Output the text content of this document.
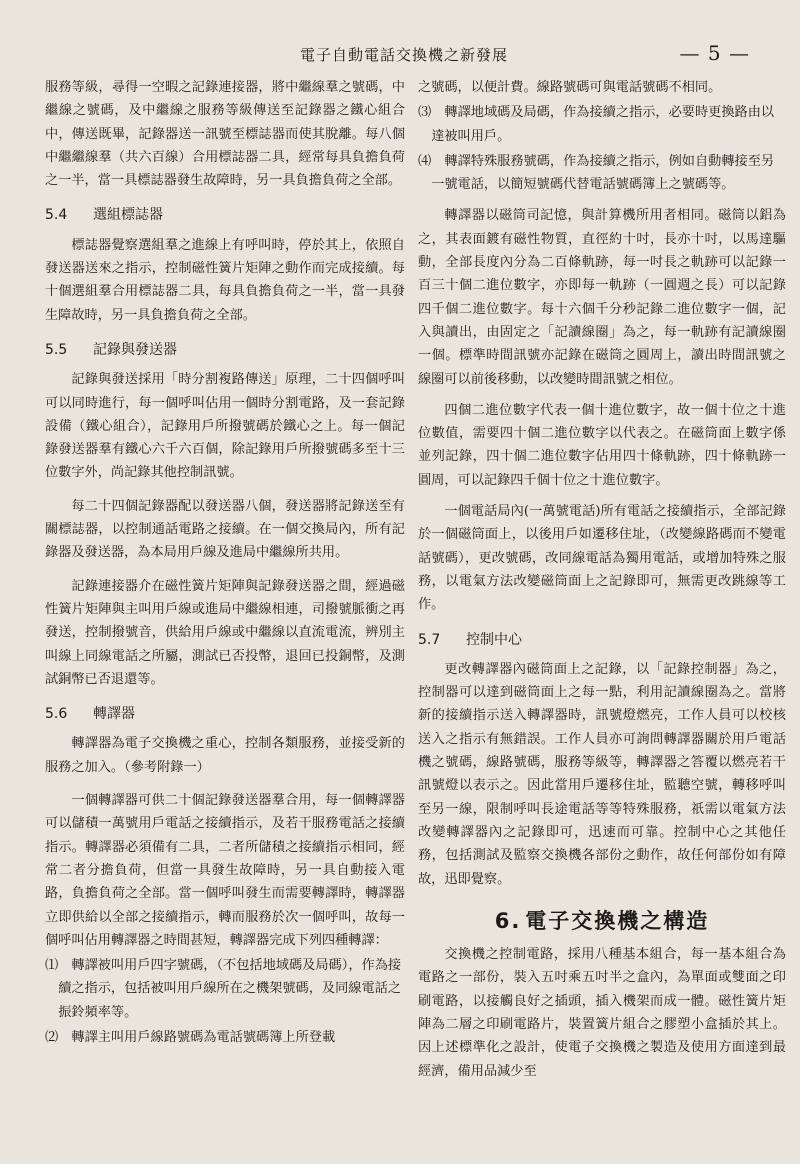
電子自動電話交換機之新發展	— 5 —

服務等級，尋得一空暇之記錄連接器，將中繼線羣之號碼，中繼線之號碼，及中繼線之服務等級傳送至記錄器之鐵心組合中，傳送既畢，記錄器送一訊號至標誌器而使其脫離。每八個中繼繼線羣（共六百線）合用標誌器二具，經常每具負擔負荷之一半，當一具標誌器發生故障時，另一具負擔負荷之全部。

5.4 選組標誌器

標誌器覺察選組羣之進線上有呼叫時，停於其上，依照自發送器送來之指示，控制磁性簧片矩陣之動作而完成接續。每十個選組羣合用標誌器二具，每具負擔負荷之一半，當一具發生障故時，另一具負擔負荷之全部。

5.5 記錄與發送器

記錄與發送採用「時分割複路傳送」原理，二十四個呼叫可以同時進行，每一個呼叫佔用一個時分割電路，及一套記錄設備（鐵心組合），記錄用戶所撥號碼於鐵心之上。每一個記錄發送器羣有鐵心六千六百個，除記錄用戶所撥號碼多至十三位數字外，尚記錄其他控制訊號。

每二十四個記錄器配以發送器八個，發送器將記錄送至有關標誌器，以控制通話電路之接續。在一個交換局內，所有記錄器及發送器，為本局用戶線及進局中繼線所共用。

記錄連接器介在磁性簧片矩陣與記錄發送器之間，經過磁性簧片矩陣與主叫用戶線或進局中繼線相連，司撥號脈衝之再發送，控制撥號音，供給用戶線或中繼線以直流電流，辨別主叫線上同線電話之所屬，測試已否投幣，退回已投銅幣，及測試銅幣已否退還等。

5.6 轉譯器

轉譯器為電子交換機之重心，控制各類服務，並接受新的服務之加入。（參考附錄一）

一個轉譯器可供二十個記錄發送器羣合用，每一個轉譯器可以儲積一萬號用戶電話之接續指示，及若干服務電話之接續指示。轉譯器必須備有二具，二者所儲積之接續指示相同，經常二者分擔負荷，但當一具發生故障時，另一具自動接入電路，負擔負荷之全部。當一個呼叫發生而需要轉譯時，轉譯器立即供給以全部之接續指示，轉而服務於次一個呼叫，故每一個呼叫佔用轉譯器之時間甚短，轉譯器完成下列四種轉譯：

⑴ 轉譯被叫用戶四字號碼，（不包括地域碼及局碼），作為接續之指示，包括被叫用戶線所在之機架號碼，及同線電話之振鈴頻率等。
⑵ 轉譯主叫用戶線路號碼為電話號碼簿上所登載

之號碼，以便計費。線路號碼可與電話號碼不相同。

⑶ 轉譯地域碼及局碼，作為接續之指示，必要時更換路由以達被叫用戶。
⑷ 轉譯特殊服務號碼，作為接續之指示，例如自動轉接至另一號電話，以簡短號碼代替電話號碼簿上之號碼等。

轉譯器以磁筒司記憶，與計算機所用者相同。磁筒以鋁為之，其表面鍍有磁性物質，直徑約十吋，長亦十吋，以馬達驅動，全部長度內分為二百條軌跡，每一吋長之軌跡可以記錄一百三十個二進位數字，亦即每一軌跡（一圓週之長）可以記錄四千個二進位數字。每十六個千分秒記錄二進位數字一個，記入與讀出，由固定之「記讀線圈」為之，每一軌跡有記讀線圈一個。標準時間訊號亦記錄在磁筒之圓周上，讀出時間訊號之線圈可以前後移動，以改變時間訊號之相位。

四個二進位數字代表一個十進位數字，故一個十位之十進位數值，需要四十個二進位數字以代表之。在磁筒面上數字係並列記錄，四十個二進位數字佔用四十條軌跡，四十條軌跡一圓周，可以記錄四千個十位之十進位數字。

一個電話局內(一萬號電話)所有電話之接續指示，全部記錄於一個磁筒面上，以後用戶如遷移住址，（改變線路碼而不變電話號碼），更改號碼，改同線電話為獨用電話，或增加特殊之服務，以電氣方法改變磁筒面上之記錄即可，無需更改跳線等工作。

5.7 控制中心

更改轉譯器內磁筒面上之記錄，以「記錄控制器」為之，控制器可以達到磁筒面上之每一點，利用記讀線圈為之。當將新的接續指示送入轉譯器時，訊號燈燃亮，工作人員可以校核送入之指示有無錯誤。工作人員亦可詢問轉譯器關於用戶電話機之號碼，線路號碼，服務等級等，轉譯器之答覆以燃亮若干訊號燈以表示之。因此當用戶遷移住址，監聽空號，轉移呼叫至另一線，限制呼叫長途電話等等特殊服務，祇需以電氣方法改變轉譯器內之記錄即可，迅速而可靠。控制中心之其他任務，包括測試及監察交換機各部份之動作，故任何部份如有障故，迅即覺察。

6. 電子交換機之構造

交換機之控制電路，採用八種基本組合，每一基本組合為電路之一部份，裝入五吋乘五吋半之盒內，為單面或雙面之印刷電路，以接觸良好之插頭，插入機架而成一體。磁性簧片矩陣為二層之印刷電路片，裝置簧片組合之膠塑小盒插於其上。因上述標準化之設計，使電子交換機之製造及使用方面達到最經濟，備用品減少至
